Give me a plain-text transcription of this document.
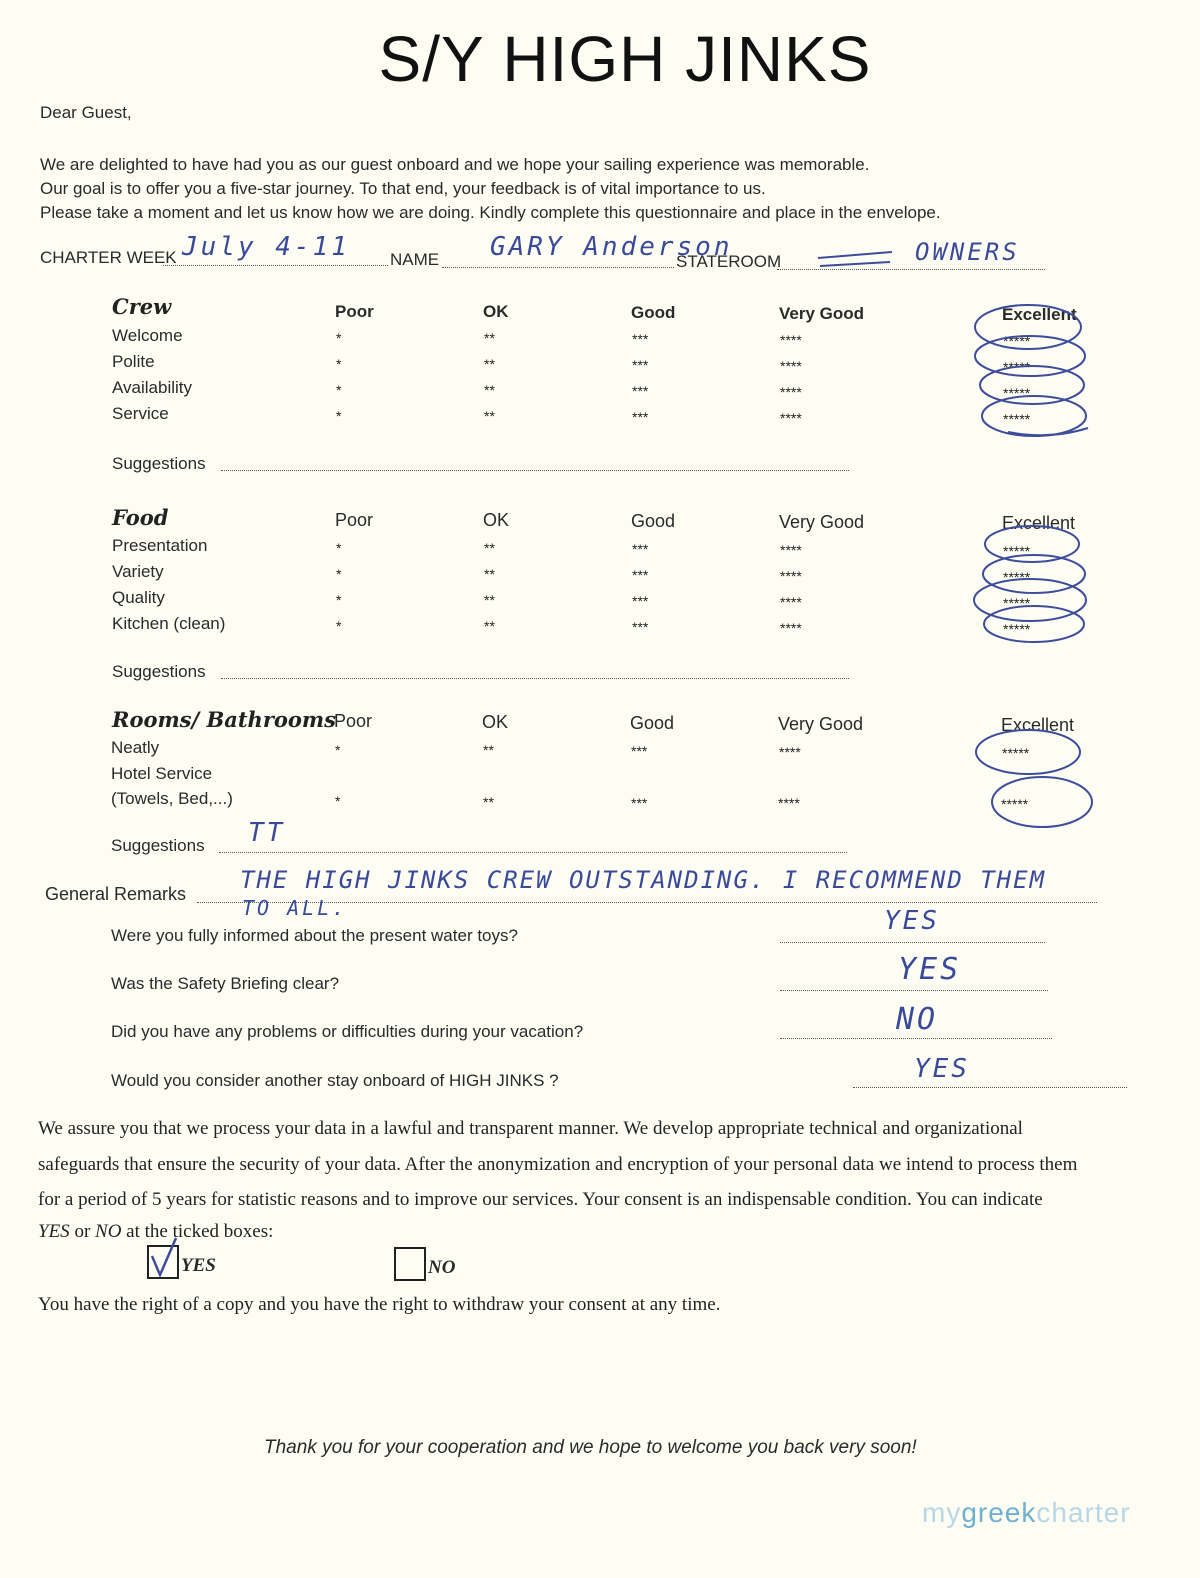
S/Y HIGH JINKS
Dear Guest,
We are delighted to have had you as our guest onboard and we hope your sailing experience was memorable.
Our goal is to offer you a five-star journey. To that end, your feedback is of vital importance to us.
Please take a moment and let us know how we are doing. Kindly complete this questionnaire and place in the envelope.
CHARTER WEEK July 4-11 NAME GARY Anderson
STATEROOM	OWNERS
Crew	Poor	OK	Good	Very Good	Excellent
Welcome	*	**	***	****	*****
Polite	*	**	***	****	*****
Availability	*	**	***	****	*****
Service	*	**	***	****	*****
Suggestions
Food	Poor	OK	Good	Very Good	Excellent
Presentation	*	**	***	****	*****
Variety	*	**	***	****	*****
Quality	*	**	***	****	*****
Kitchen (clean)	*	**	***	****	*****
Suggestions
Rooms/ Bathrooms
Poor	OK	Good	Very Good	Excellent
Neatly	*	**	***	****	*****
Hotel Service
(Towels, Bed,...)	*	**	***	****	*****
Suggestions TT
General Remarks THE HIGH JINKS CREW OUTSTANDING. I RECOMMEND THEM
TO ALL.
Were you fully informed about the present water toys?	YES
Was the Safety Briefing clear?	YES
Did you have any problems or difficulties during your vacation?	NO
Would you consider another stay onboard of HIGH JINKS ?	YES
We assure you that we process your data in a lawful and transparent manner. We develop appropriate technical and organizational
safeguards that ensure the security of your data. After the anonymization and encryption of your personal data we intend to process them
for a period of 5 years for statistic reasons and to improve our services. Your consent is an indispensable condition. You can indicate
YES or NO at the ticked boxes:
YES	NO
You have the right of a copy and you have the right to withdraw your consent at any time.
Thank you for your cooperation and we hope to welcome you back very soon!
mygreekcharter
